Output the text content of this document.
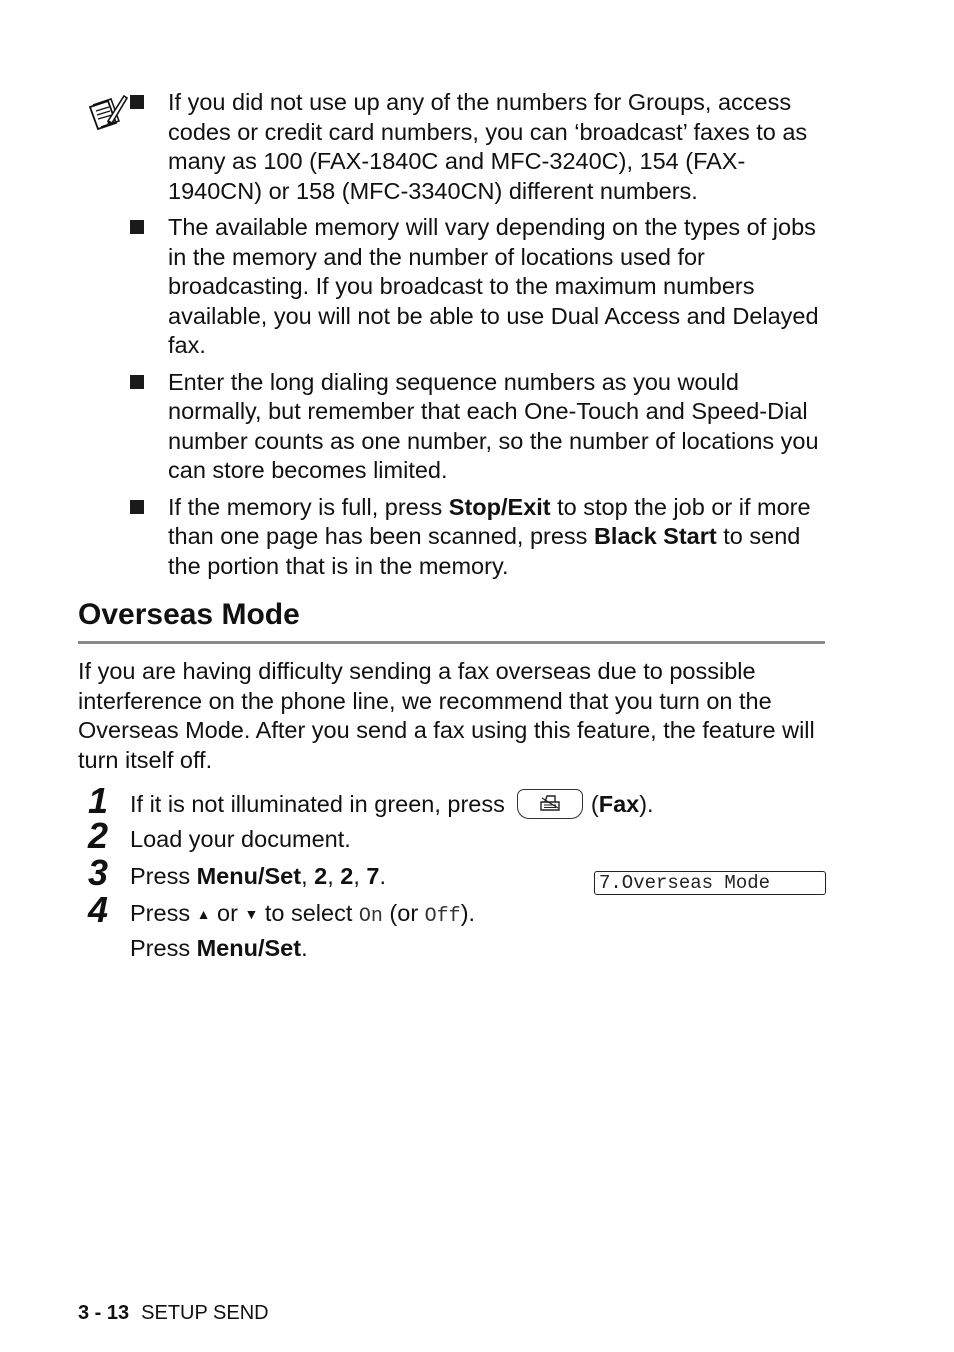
If you did not use up any of the numbers for Groups, access codes or credit card numbers, you can ‘broadcast’ faxes to as many as 100 (FAX-1840C and MFC-3240C), 154 (FAX-1940CN) or 158 (MFC-3340CN) different numbers.
The available memory will vary depending on the types of jobs in the memory and the number of locations used for broadcasting. If you broadcast to the maximum numbers available, you will not be able to use Dual Access and Delayed fax.
Enter the long dialing sequence numbers as you would normally, but remember that each One-Touch and Speed-Dial number counts as one number, so the number of locations you can store becomes limited.
If the memory is full, press Stop/Exit to stop the job or if more than one page has been scanned, press Black Start to send the portion that is in the memory.
Overseas Mode

If you are having difficulty sending a fax overseas due to possible interference on the phone line, we recommend that you turn on the Overseas Mode. After you send a fax using this feature, the feature will turn itself off.

1 If it is not illuminated in green, press	(Fax).
2 Load your document.
3 Press Menu/Set, 2, 2, 7.	7.Overseas Mode
4 Press ▲ or ▼ to select On (or Off).
Press Menu/Set.
3 - 13 SETUP SEND
